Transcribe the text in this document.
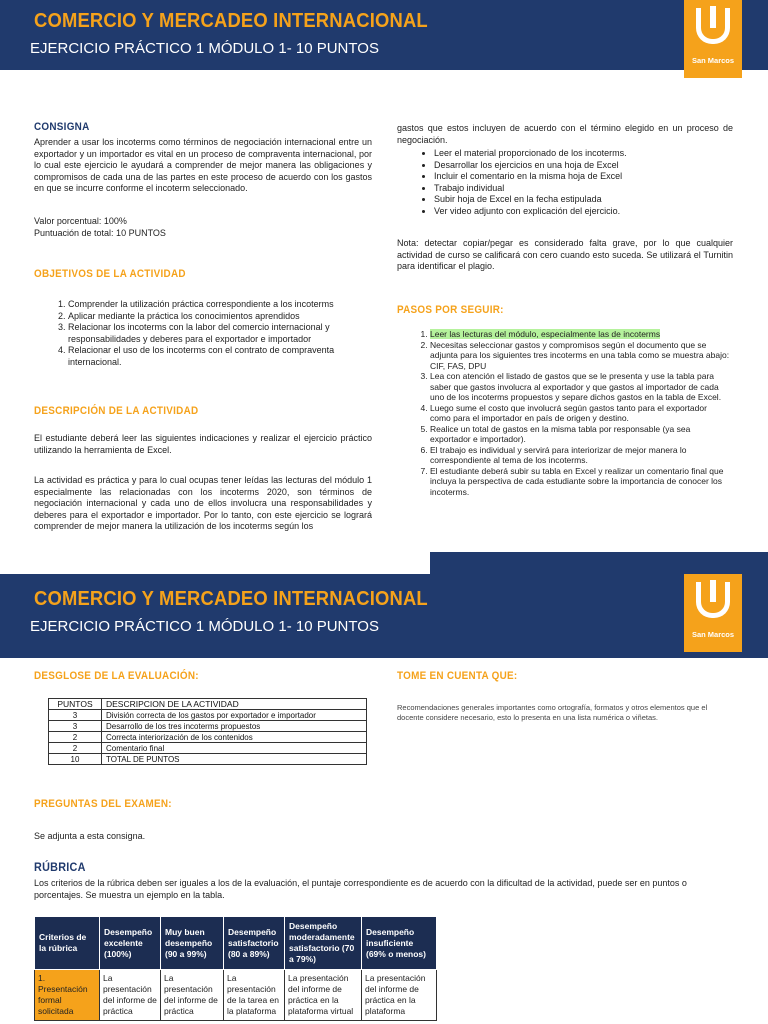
COMERCIO Y MERCADEO INTERNACIONAL
EJERCICIO PRÁCTICO 1 MÓDULO 1- 10 PUNTOS
San Marcos
CONSIGNA
Aprender a usar los incoterms como términos de negociación internacional entre un exportador y un importador es vital en un proceso de compraventa internacional, por lo cual este ejercicio le ayudará a comprender de mejor manera las obligaciones y compromisos de cada una de las partes en este proceso de acuerdo con los gastos en que se incurre conforme el incoterm seleccionado.
Valor porcentual: 100%
Puntuación de total: 10 PUNTOS
OBJETIVOS DE LA ACTIVIDAD
1. Comprender la utilización práctica correspondiente a los incoterms
2. Aplicar mediante la práctica los conocimientos aprendidos
3. Relacionar los incoterms con la labor del comercio internacional y responsabilidades y deberes para el exportador e importador
4. Relacionar el uso de los incoterms con el contrato de compraventa internacional.
DESCRIPCIÓN DE LA ACTIVIDAD
El estudiante deberá leer las siguientes indicaciones y realizar el ejercicio práctico utilizando la herramienta de Excel.
La actividad es práctica y para lo cual ocupas tener leídas las lecturas del módulo 1 especialmente las relacionadas con los incoterms 2020, son términos de negociación internacional y cada uno de ellos involucra una responsabilidades y deberes para el exportador e importador. Por lo tanto, con este ejercicio se logrará comprender de mejor manera la utilización de los incoterms según los
gastos que estos incluyen de acuerdo con el término elegido en un proceso de negociación.
• Leer el material proporcionado de los incoterms.
• Desarrollar los ejercicios en una hoja de Excel
• Incluir el comentario en la misma hoja de Excel
• Trabajo individual
• Subir hoja de Excel en la fecha estipulada
• Ver video adjunto con explicación del ejercicio.
Nota: detectar copiar/pegar es considerado falta grave, por lo que cualquier actividad de curso se calificará con cero cuando esto suceda. Se utilizará el Turnitin para identificar el plagio.
PASOS POR SEGUIR:
1. Leer las lecturas del módulo, especialmente las de incoterms
2. Necesitas seleccionar gastos y compromisos según el documento que se adjunta para los siguientes tres incoterms en una tabla como se muestra abajo: CIF, FAS, DPU
3. Lea con atención el listado de gastos que se le presenta y use la tabla para saber que gastos involucra al exportador y que gastos al importador de cada uno de los incoterms propuestos y separe dichos gastos en la tabla de Excel.
4. Luego sume el costo que involucrá según gastos tanto para el exportador como para el importador en país de origen y destino.
5. Realice un total de gastos en la misma tabla por responsable (ya sea exportador e importador).
6. El trabajo es individual y servirá para interiorizar de mejor manera lo correspondiente al tema de los incoterms.
7. El estudiante deberá subir su tabla en Excel y realizar un comentario final que incluya la perspectiva de cada estudiante sobre la importancia de conocer los incoterms.
COMERCIO Y MERCADEO INTERNACIONAL
EJERCICIO PRÁCTICO 1 MÓDULO 1- 10 PUNTOS	San Marcos
DESGLOSE DE LA EVALUACIÓN:
PUNTOS	DESCRIPCION DE LA ACTIVIDAD
3	División correcta de los gastos por exportador e importador
3	Desarrollo de los tres incoterms propuestos
2	Correcta interiorización de los contenidos
2	Comentario final
10	TOTAL DE PUNTOS
TOME EN CUENTA QUE:
Recomendaciones generales importantes como ortografía, formatos y otros elementos que el docente considere necesario, esto lo presenta en una lista numérica o viñetas.
PREGUNTAS DEL EXAMEN:
Se adjunta a esta consigna.
RÚBRICA
Los criterios de la rúbrica deben ser iguales a los de la evaluación, el puntaje correspondiente es de acuerdo con la dificultad de la actividad, puede ser en puntos o porcentajes. Se muestra un ejemplo en la tabla.
Criterios de la rúbrica	Desempeño excelente (100%)	Muy buen desempeño (90 a 99%)	Desempeño satisfactorio (80 a 89%)	Desempeño moderadamente satisfactorio (70 a 79%)	Desempeño insuficiente (69% o menos)
1. Presentación formal solicitada	La presentación del informe de práctica	La presentación del informe de práctica	La presentación de la tarea en la plataforma	La presentación del informe de práctica en la plataforma virtual	La presentación del informe de práctica en la plataforma
